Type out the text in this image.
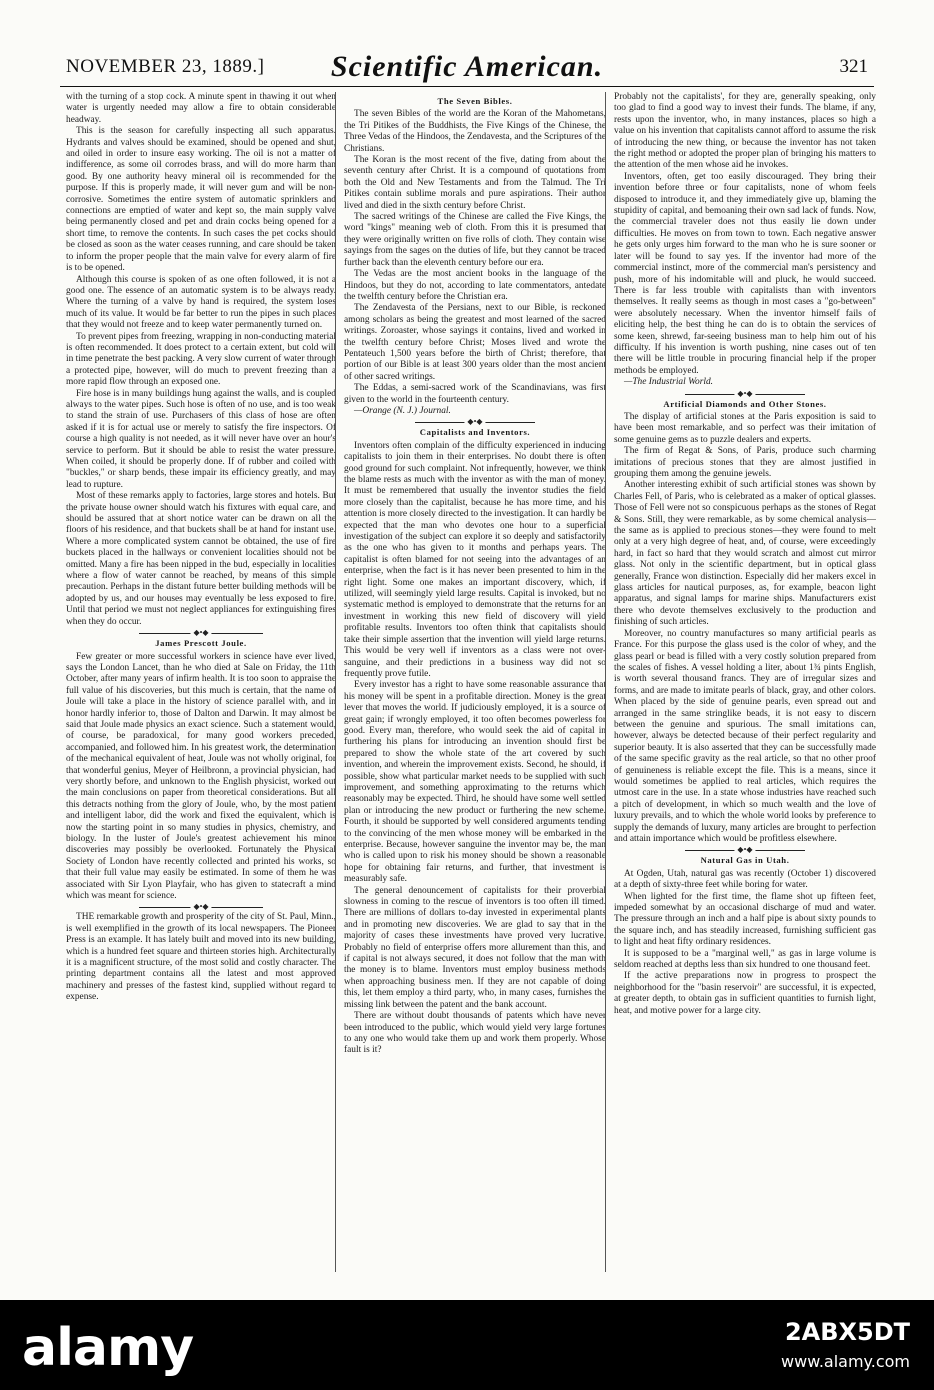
NOVEMBER 23, 1889.]	Scientific American.	321

with the turning of a stop cock. A minute spent in thawing it out when water is urgently needed may allow a fire to obtain considerable headway.

This is the season for carefully inspecting all such apparatus. Hydrants and valves should be examined, should be opened and shut, and oiled in order to insure easy working. The oil is not a matter of indifference, as some oil corrodes brass, and will do more harm than good. By one authority heavy mineral oil is recommended for the purpose. If this is properly made, it will never gum and will be non-corrosive. Sometimes the entire system of automatic sprinklers and connections are emptied of water and kept so, the main supply valve being permanently closed and pet and drain cocks being opened for a short time, to remove the contents. In such cases the pet cocks should be closed as soon as the water ceases running, and care should be taken to inform the proper people that the main valve for every alarm of fire is to be opened.

Although this course is spoken of as one often followed, it is not a good one. The essence of an automatic system is to be always ready. Where the turning of a valve by hand is required, the system loses much of its value. It would be far better to run the pipes in such places that they would not freeze and to keep water permanently turned on.

To prevent pipes from freezing, wrapping in non-conducting material is often recommended. It does protect to a certain extent, but cold will in time penetrate the best packing. A very slow current of water through a protected pipe, however, will do much to prevent freezing than a more rapid flow through an exposed one.

Fire hose is in many buildings hung against the walls, and is coupled always to the water pipes. Such hose is often of no use, and is too weak to stand the strain of use. Purchasers of this class of hose are often asked if it is for actual use or merely to satisfy the fire inspectors. Of course a high quality is not needed, as it will never have over an hour's service to perform. But it should be able to resist the water pressure. When coiled, it should be properly done. If of rubber and coiled with "buckles," or sharp bends, these impair its efficiency greatly, and may lead to rupture.

Most of these remarks apply to factories, large stores and hotels. But the private house owner should watch his fixtures with equal care, and should be assured that at short notice water can be drawn on all the floors of his residence, and that buckets shall be at hand for instant use. Where a more complicated system cannot be obtained, the use of fire buckets placed in the hallways or convenient localities should not be omitted. Many a fire has been nipped in the bud, especially in localities where a flow of water cannot be reached, by means of this simple precaution. Perhaps in the distant future better building methods will be adopted by us, and our houses may eventually be less exposed to fire. Until that period we must not neglect appliances for extinguishing fires when they do occur.

◆•◆
James Prescott Joule.

Few greater or more successful workers in science have ever lived, says the London Lancet, than he who died at Sale on Friday, the 11th October, after many years of infirm health. It is too soon to appraise the full value of his discoveries, but this much is certain, that the name of Joule will take a place in the history of science parallel with, and in honor hardly inferior to, those of Dalton and Darwin. It may almost be said that Joule made physics an exact science. Such a statement would, of course, be paradoxical, for many good workers preceded, accompanied, and followed him. In his greatest work, the determination of the mechanical equivalent of heat, Joule was not wholly original, for that wonderful genius, Meyer of Heilbronn, a provincial physician, had very shortly before, and unknown to the English physicist, worked out the main conclusions on paper from theoretical considerations. But all this detracts nothing from the glory of Joule, who, by the most patient and intelligent labor, did the work and fixed the equivalent, which is now the starting point in so many studies in physics, chemistry, and biology. In the luster of Joule's greatest achievement his minor discoveries may possibly be overlooked. Fortunately the Physical Society of London have recently collected and printed his works, so that their full value may easily be estimated. In some of them he was associated with Sir Lyon Playfair, who has given to statecraft a mind which was meant for science.

◆•◆

THE remarkable growth and prosperity of the city of St. Paul, Minn., is well exemplified in the growth of its local newspapers. The Pioneer Press is an example. It has lately built and moved into its new building, which is a hundred feet square and thirteen stories high. Architecturally it is a magnificent structure, of the most solid and costly character. The printing department contains all the latest and most approved machinery and presses of the fastest kind, supplied without regard to expense.

The Seven Bibles.

The seven Bibles of the world are the Koran of the Mahometans, the Tri Pitikes of the Buddhists, the Five Kings of the Chinese, the Three Vedas of the Hindoos, the Zendavesta, and the Scriptures of the Christians.

The Koran is the most recent of the five, dating from about the seventh century after Christ. It is a compound of quotations from both the Old and New Testaments and from the Talmud. The Tri Pitikes contain sublime morals and pure aspirations. Their author lived and died in the sixth century before Christ.

The sacred writings of the Chinese are called the Five Kings, the word "kings" meaning web of cloth. From this it is presumed that they were originally written on five rolls of cloth. They contain wise sayings from the sages on the duties of life, but they cannot be traced further back than the eleventh century before our era.

The Vedas are the most ancient books in the language of the Hindoos, but they do not, according to late commentators, antedate the twelfth century before the Christian era.

The Zendavesta of the Persians, next to our Bible, is reckoned among scholars as being the greatest and most learned of the sacred writings. Zoroaster, whose sayings it contains, lived and worked in the twelfth century before Christ; Moses lived and wrote the Pentateuch 1,500 years before the birth of Christ; therefore, that portion of our Bible is at least 300 years older than the most ancient of other sacred writings.

The Eddas, a semi-sacred work of the Scandinavians, was first given to the world in the fourteenth century.

—Orange (N. J.) Journal.

◆•◆
Capitalists and Inventors.

Inventors often complain of the difficulty experienced in inducing capitalists to join them in their enterprises. No doubt there is often good ground for such complaint. Not infrequently, however, we think the blame rests as much with the inventor as with the man of money. It must be remembered that usually the inventor studies the field more closely than the capitalist, because he has more time, and his attention is more closely directed to the investigation. It can hardly be expected that the man who devotes one hour to a superficial investigation of the subject can explore it so deeply and satisfactorily as the one who has given to it months and perhaps years. The capitalist is often blamed for not seeing into the advantages of an enterprise, when the fact is it has never been presented to him in the right light. Some one makes an important discovery, which, if utilized, will seemingly yield large results. Capital is invoked, but no systematic method is employed to demonstrate that the returns for an investment in working this new field of discovery will yield profitable results. Inventors too often think that capitalists should take their simple assertion that the invention will yield large returns. This would be very well if inventors as a class were not over-sanguine, and their predictions in a business way did not so frequently prove futile.

Every investor has a right to have some reasonable assurance that his money will be spent in a profitable direction. Money is the great lever that moves the world. If judiciously employed, it is a source of great gain; if wrongly employed, it too often becomes powerless for good. Every man, therefore, who would seek the aid of capital in furthering his plans for introducing an invention should first be prepared to show the whole state of the art covered by such invention, and wherein the improvement exists. Second, he should, if possible, show what particular market needs to be supplied with such improvement, and something approximating to the returns which reasonably may be expected. Third, he should have some well settled plan or introducing the new product or furthering the new scheme. Fourth, it should be supported by well considered arguments tending to the convincing of the men whose money will be embarked in the enterprise. Because, however sanguine the inventor may be, the man who is called upon to risk his money should be shown a reasonable hope for obtaining fair returns, and further, that investment is measurably safe.

The general denouncement of capitalists for their proverbial slowness in coming to the rescue of inventors is too often ill timed. There are millions of dollars to-day invested in experimental plants and in promoting new discoveries. We are glad to say that in the majority of cases these investments have proved very lucrative. Probably no field of enterprise offers more allurement than this, and if capital is not always secured, it does not follow that the man with the money is to blame. Inventors must employ business methods when approaching business men. If they are not capable of doing this, let them employ a third party, who, in many cases, furnishes the missing link between the patent and the bank account.

There are without doubt thousands of patents which have never been introduced to the public, which would yield very large fortunes to any one who would take them up and work them properly. Whose fault is it?

Probably not the capitalists', for they are, generally speaking, only too glad to find a good way to invest their funds. The blame, if any, rests upon the inventor, who, in many instances, places so high a value on his invention that capitalists cannot afford to assume the risk of introducing the new thing, or because the inventor has not taken the right method or adopted the proper plan of bringing his matters to the attention of the men whose aid he invokes.

Inventors, often, get too easily discouraged. They bring their invention before three or four capitalists, none of whom feels disposed to introduce it, and they immediately give up, blaming the stupidity of capital, and bemoaning their own sad lack of funds. Now, the commercial traveler does not thus easily lie down under difficulties. He moves on from town to town. Each negative answer he gets only urges him forward to the man who he is sure sooner or later will be found to say yes. If the inventor had more of the commercial instinct, more of the commercial man's persistency and push, more of his indomitable will and pluck, he would succeed. There is far less trouble with capitalists than with inventors themselves. It really seems as though in most cases a "go-between" were absolutely necessary. When the inventor himself fails of eliciting help, the best thing he can do is to obtain the services of some keen, shrewd, far-seeing business man to help him out of his difficulty. If his invention is worth pushing, nine cases out of ten there will be little trouble in procuring financial help if the proper methods be employed.

—The Industrial World.

◆•◆
Artificial Diamonds and Other Stones.

The display of artificial stones at the Paris exposition is said to have been most remarkable, and so perfect was their imitation of some genuine gems as to puzzle dealers and experts.

The firm of Regat & Sons, of Paris, produce such charming imitations of precious stones that they are almost justified in grouping them among the genuine jewels.

Another interesting exhibit of such artificial stones was shown by Charles Fell, of Paris, who is celebrated as a maker of optical glasses. Those of Fell were not so conspicuous perhaps as the stones of Regat & Sons. Still, they were remarkable, as by some chemical analysis—the same as is applied to precious stones—they were found to melt only at a very high degree of heat, and, of course, were exceedingly hard, in fact so hard that they would scratch and almost cut mirror glass. Not only in the scientific department, but in optical glass generally, France won distinction. Especially did her makers excel in glass articles for nautical purposes, as, for example, beacon light apparatus, and signal lamps for marine ships. Manufacturers exist there who devote themselves exclusively to the production and finishing of such articles.

Moreover, no country manufactures so many artificial pearls as France. For this purpose the glass used is the color of whey, and the glass pearl or bead is filled with a very costly solution prepared from the scales of fishes. A vessel holding a liter, about 1¾ pints English, is worth several thousand francs. They are of irregular sizes and forms, and are made to imitate pearls of black, gray, and other colors. When placed by the side of genuine pearls, even spread out and arranged in the same stringlike beads, it is not easy to discern between the genuine and spurious. The small imitations can, however, always be detected because of their perfect regularity and superior beauty. It is also asserted that they can be successfully made of the same specific gravity as the real article, so that no other proof of genuineness is reliable except the file. This is a means, since it would sometimes be applied to real articles, which requires the utmost care in the use. In a state whose industries have reached such a pitch of development, in which so much wealth and the love of luxury prevails, and to which the whole world looks by preference to supply the demands of luxury, many articles are brought to perfection and attain importance which would be profitless elsewhere.

◆•◆
Natural Gas in Utah.

At Ogden, Utah, natural gas was recently (October 1) discovered at a depth of sixty-three feet while boring for water.

When lighted for the first time, the flame shot up fifteen feet, impeded somewhat by an occasional discharge of mud and water. The pressure through an inch and a half pipe is about sixty pounds to the square inch, and has steadily increased, furnishing sufficient gas to light and heat fifty ordinary residences.

It is supposed to be a "marginal well," as gas in large volume is seldom reached at depths less than six hundred to one thousand feet.

If the active preparations now in progress to prospect the neighborhood for the "basin reservoir" are successful, it is expected, at greater depth, to obtain gas in sufficient quantities to furnish light, heat, and motive power for a large city.

alamy	2ABX5DT
www.alamy.com
